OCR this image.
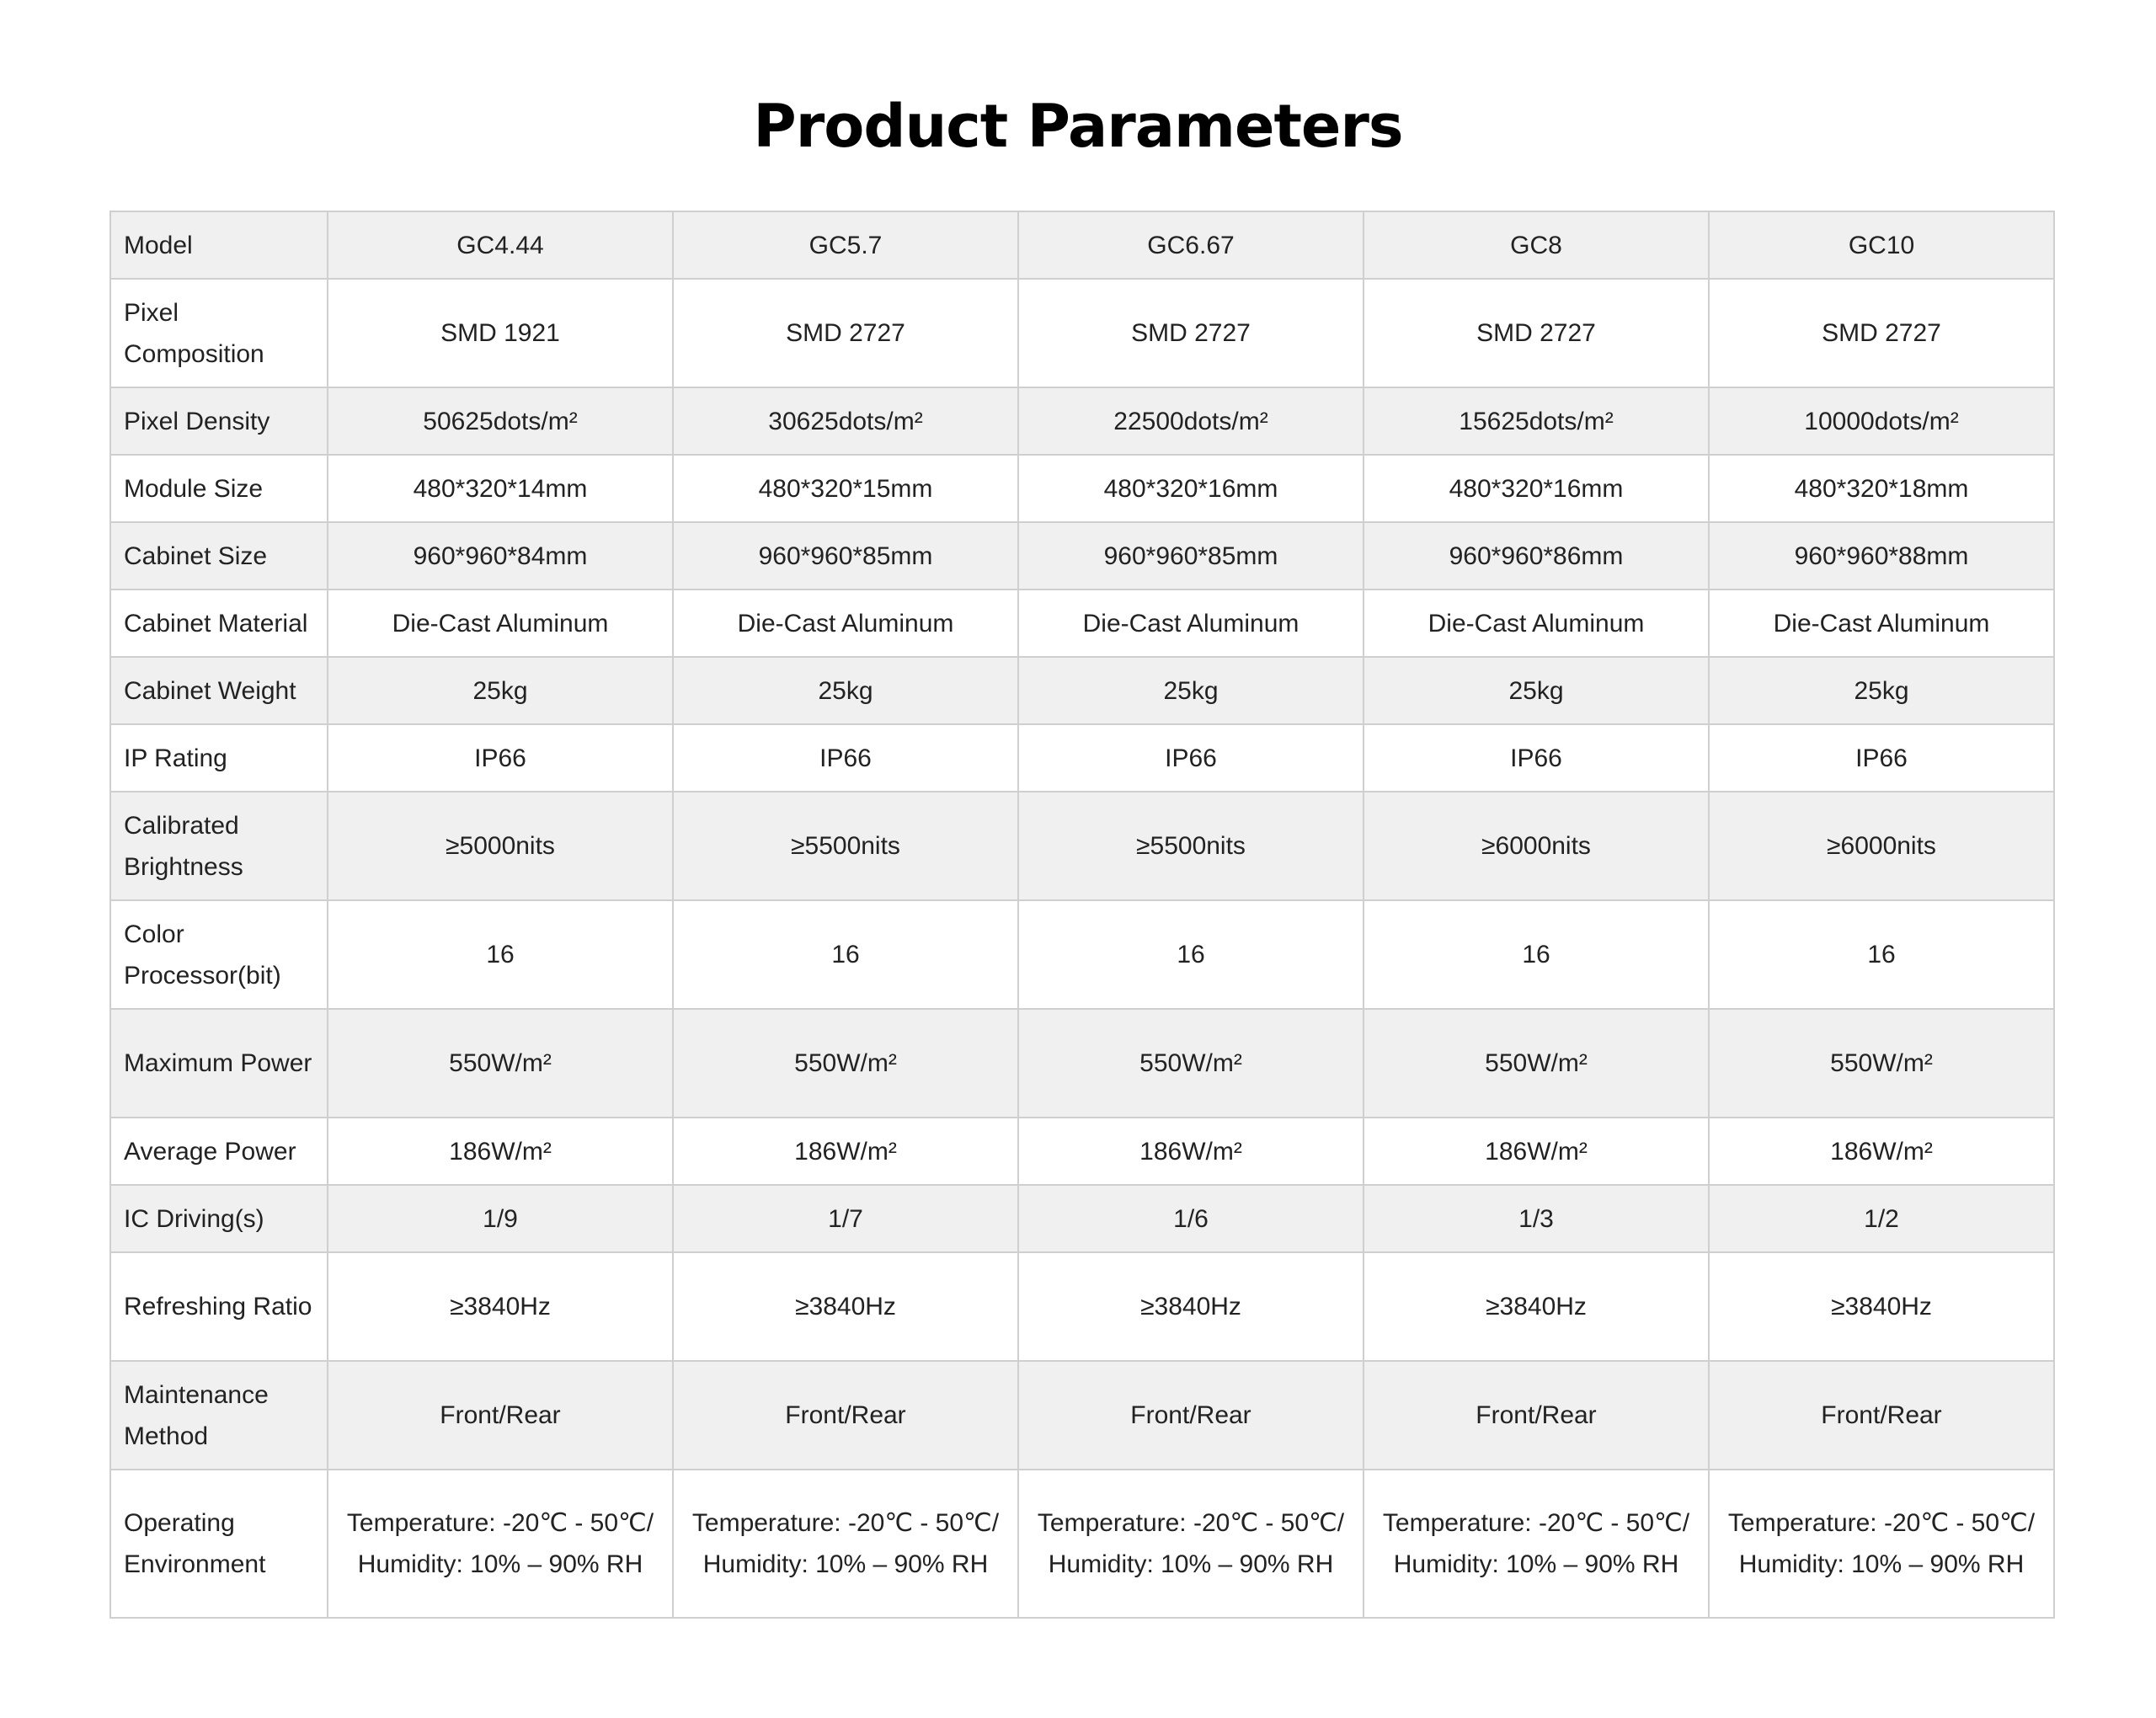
Product Parameters
Model	GC4.44	GC5.7	GC6.67	GC8	GC10
Pixel Composition	SMD 1921	SMD 2727	SMD 2727	SMD 2727	SMD 2727
Pixel Density	50625dots/m²	30625dots/m²	22500dots/m²	15625dots/m²	10000dots/m²
Module Size	480*320*14mm	480*320*15mm	480*320*16mm	480*320*16mm	480*320*18mm
Cabinet Size	960*960*84mm	960*960*85mm	960*960*85mm	960*960*86mm	960*960*88mm
Cabinet Material	Die-Cast Aluminum	Die-Cast Aluminum	Die-Cast Aluminum	Die-Cast Aluminum	Die-Cast Aluminum
Cabinet Weight	25kg	25kg	25kg	25kg	25kg
IP Rating	IP66	IP66	IP66	IP66	IP66
Calibrated Brightness	≥5000nits	≥5500nits	≥5500nits	≥6000nits	≥6000nits
Color Processor(bit)	16	16	16	16	16
Maximum Power	550W/m²	550W/m²	550W/m²	550W/m²	550W/m²
Average Power	186W/m²	186W/m²	186W/m²	186W/m²	186W/m²
IC Driving(s)	1/9	1/7	1/6	1/3	1/2
Refreshing Ratio	≥3840Hz	≥3840Hz	≥3840Hz	≥3840Hz	≥3840Hz
Maintenance Method	Front/Rear	Front/Rear	Front/Rear	Front/Rear	Front/Rear
Operating Environment	Temperature: -20℃ - 50℃/ Humidity: 10% – 90% RH	Temperature: -20℃ - 50℃/ Humidity: 10% – 90% RH	Temperature: -20℃ - 50℃/ Humidity: 10% – 90% RH	Temperature: -20℃ - 50℃/ Humidity: 10% – 90% RH	Temperature: -20℃ - 50℃/ Humidity: 10% – 90% RH
